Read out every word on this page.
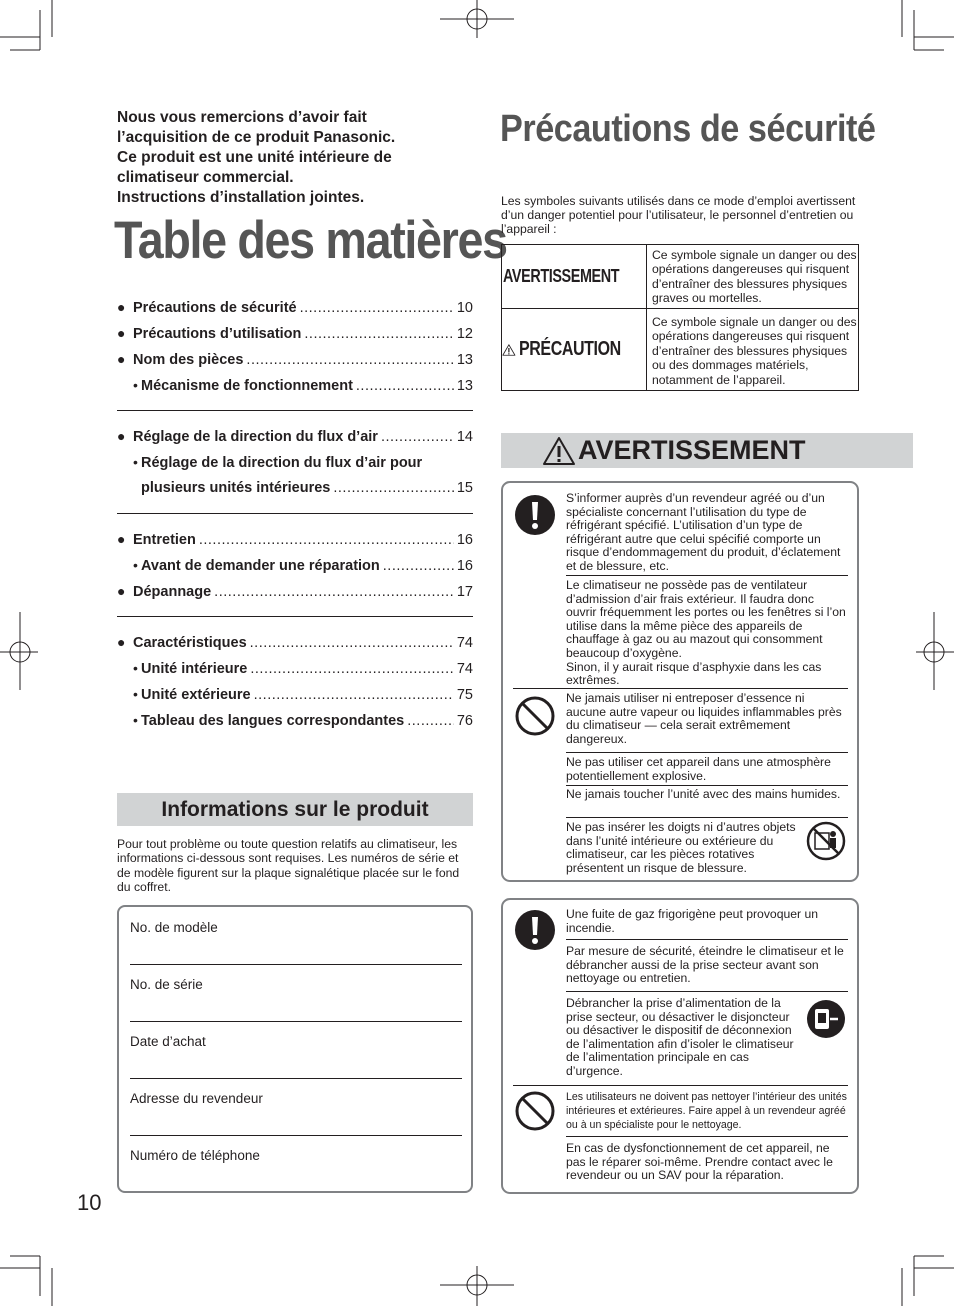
Nous vous remercions d’avoir fait
l’acquisition de ce produit Panasonic.
Ce produit est une unité intérieure de
climatiseur commercial.
Instructions d’installation jointes.
Table des matières
● Précautions de sécurité .....	10
● Précautions d’utilisation .....	12
● Nom des pièces .....	13
• Mécanisme de fonctionnement .....	13
● Réglage de la direction du flux d’air .....	14
• Réglage de la direction du flux d’air pour
plusieurs unités intérieures .....	15
● Entretien .....	16
• Avant de demander une réparation .....	16
● Dépannage .....	17
● Caractéristiques .....	74
• Unité intérieure .....	74
• Unité extérieure .....	75
• Tableau des langues correspondantes .....	76
Informations sur le produit
Pour tout problème ou toute question relatifs au climatiseur, les informations ci-dessous sont requises. Les numéros de série et de modèle figurent sur la plaque signalétique placée sur le fond du coffret.
No. de modèle
No. de série
Date d’achat
Adresse du revendeur
Numéro de téléphone
10
Précautions de sécurité
Les symboles suivants utilisés dans ce mode d’emploi avertissent d’un danger potentiel pour l’utilisateur, le personnel d’entretien ou l’appareil :
AVERTISSEMENT
Ce symbole signale un danger ou des opérations dangereuses qui risquent d’entraîner des blessures physiques graves ou mortelles.
PRÉCAUTION
Ce symbole signale un danger ou des opérations dangereuses qui risquent d’entraîner des blessures physiques ou des dommages matériels, notamment de l’appareil.
AVERTISSEMENT
S’informer auprès d’un revendeur agréé ou d’un spécialiste concernant l’utilisation du type de réfrigérant spécifié. L’utilisation d’un type de réfrigérant autre que celui spécifié comporte un risque d’endommagement du produit, d’éclatement et de blessure, etc.
Le climatiseur ne possède pas de ventilateur d’admission d’air frais extérieur. Il faudra donc ouvrir fréquemment les portes ou les fenêtres si l’on utilise dans la même pièce des appareils de chauffage à gaz ou au mazout qui consomment beaucoup d’oxygène.
Sinon, il y aurait risque d’asphyxie dans les cas extrêmes.
Ne jamais utiliser ni entreposer d’essence ni aucune autre vapeur ou liquides inflammables près du climatiseur — cela serait extrêmement dangereux.
Ne pas utiliser cet appareil dans une atmosphère potentiellement explosive.
Ne jamais toucher l’unité avec des mains humides.
Ne pas insérer les doigts ni d’autres objets dans l’unité intérieure ou extérieure du climatiseur, car les pièces rotatives présentent un risque de blessure.
Une fuite de gaz frigorigène peut provoquer un incendie.
Par mesure de sécurité, éteindre le climatiseur et le débrancher aussi de la prise secteur avant son nettoyage ou entretien.
Débrancher la prise d’alimentation de la prise secteur, ou désactiver le disjoncteur ou désactiver le dispositif de déconnexion de l’alimentation afin d’isoler le climatiseur de l’alimentation principale en cas d’urgence.
Les utilisateurs ne doivent pas nettoyer l’intérieur des unités intérieures et extérieures. Faire appel à un revendeur agréé ou à un spécialiste pour le nettoyage.
En cas de dysfonctionnement de cet appareil, ne pas le réparer soi-même. Prendre contact avec le revendeur ou un SAV pour la réparation.
